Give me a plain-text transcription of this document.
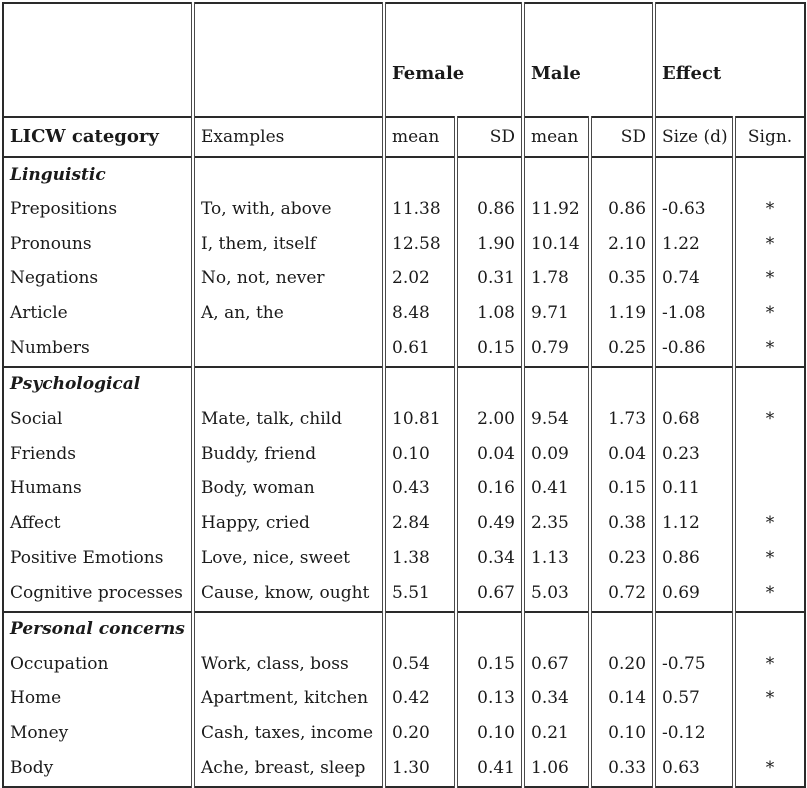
		Female		Male		Effect	
LICW category	Examples	mean	SD	mean	SD	Size (d)	Sign.
Linguistic							
Prepositions	To, with, above	11.38	0.86	11.92	0.86	-0.63	*
Pronouns	I, them, itself	12.58	1.90	10.14	2.10	1.22	*
Negations	No, not, never	2.02	0.31	1.78	0.35	0.74	*
Article	A, an, the	8.48	1.08	9.71	1.19	-1.08	*
Numbers		0.61	0.15	0.79	0.25	-0.86	*
Psychological							
Social	Mate, talk, child	10.81	2.00	9.54	1.73	0.68	*
Friends	Buddy, friend	0.10	0.04	0.09	0.04	0.23	
Humans	Body, woman	0.43	0.16	0.41	0.15	0.11	
Affect	Happy, cried	2.84	0.49	2.35	0.38	1.12	*
Positive Emotions	Love, nice, sweet	1.38	0.34	1.13	0.23	0.86	*
Cognitive processes	Cause, know, ought	5.51	0.67	5.03	0.72	0.69	*
Personal concerns							
Occupation	Work, class, boss	0.54	0.15	0.67	0.20	-0.75	*
Home	Apartment, kitchen	0.42	0.13	0.34	0.14	0.57	*
Money	Cash, taxes, income	0.20	0.10	0.21	0.10	-0.12	
Body	Ache, breast, sleep	1.30	0.41	1.06	0.33	0.63	*
